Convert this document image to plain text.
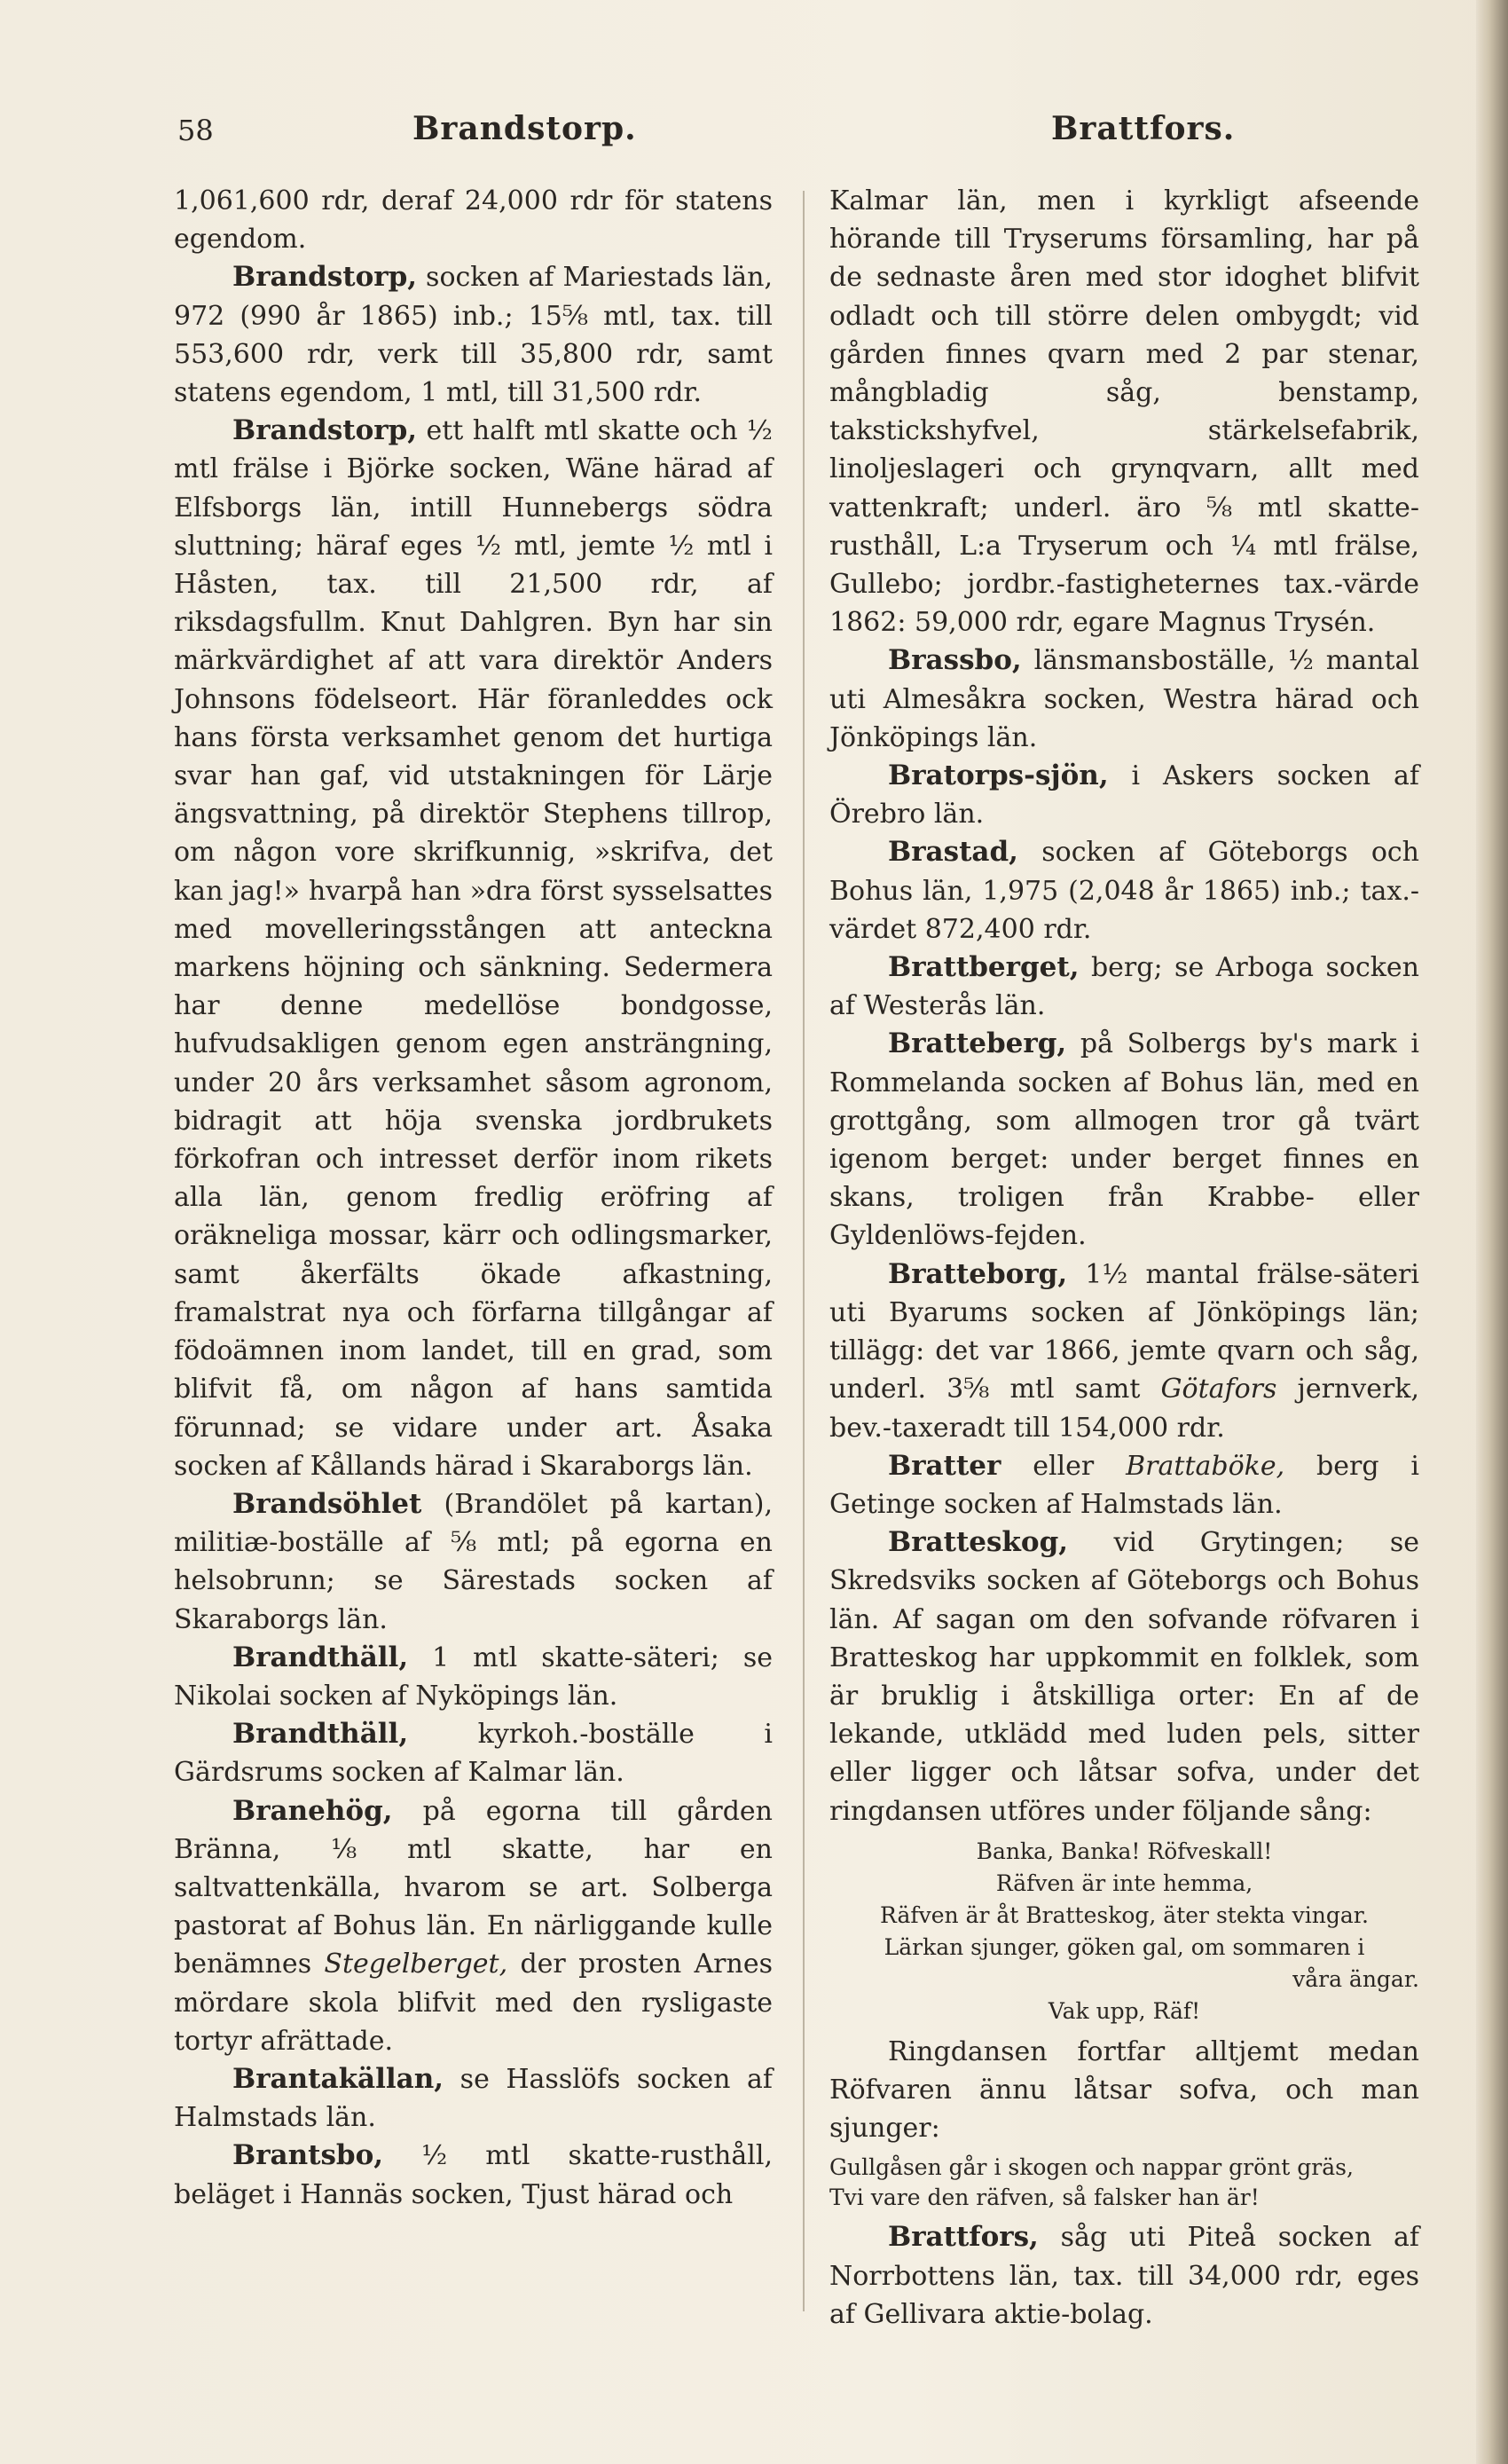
58	Brandstorp.	Brattfors.

1,061,600 rdr, deraf 24,000 rdr för statens egendom.

Brandstorp, socken af Mariestads län, 972 (990 år 1865) inb.; 15⅝ mtl, tax. till 553,600 rdr, verk till 35,800 rdr, samt statens egendom, 1 mtl, till 31,500 rdr.

Brandstorp, ett halft mtl skatte och ½ mtl frälse i Björke socken, Wäne härad af Elfsborgs län, intill Hunnebergs södra sluttning; häraf eges ½ mtl, jemte ½ mtl i Håsten, tax. till 21,500 rdr, af riksdagsfullm. Knut Dahlgren. Byn har sin märkvärdighet af att vara direktör Anders Johnsons födelseort. Här föranleddes ock hans första verksamhet genom det hurtiga svar han gaf, vid utstakningen för Lärje ängsvattning, på direktör Stephens tillrop, om någon vore skrifkunnig, »skrifva, det kan jag!» hvarpå han »dra först sysselsattes med movelleringsstången att anteckna markens höjning och sänkning. Sedermera har denne medellöse bondgosse, hufvudsakligen genom egen ansträngning, under 20 års verksamhet såsom agronom, bidragit att höja svenska jordbrukets förkofran och intresset derför inom rikets alla län, genom fredlig eröfring af oräkneliga mossar, kärr och odlingsmarker, samt åkerfälts ökade afkastning, framalstrat nya och förfarna tillgångar af födoämnen inom landet, till en grad, som blifvit få, om någon af hans samtida förunnad; se vidare under art. Åsaka socken af Kållands härad i Skaraborgs län.

Brandsöhlet (Brandölet på kartan), militiæ-boställe af ⅝ mtl; på egorna en helsobrunn; se Särestads socken af Skaraborgs län.

Brandthäll, 1 mtl skatte-säteri; se Nikolai socken af Nyköpings län.

Brandthäll, kyrkoh.-boställe i Gärdsrums socken af Kalmar län.

Branehög, på egorna till gården Bränna, ⅛ mtl skatte, har en saltvattenkälla, hvarom se art. Solberga pastorat af Bohus län. En närliggande kulle benämnes Stegelberget, der prosten Arnes mördare skola blifvit med den rysligaste tortyr afrättade.

Brantakällan, se Hasslöfs socken af Halmstads län.

Brantsbo, ½ mtl skatte-rusthåll, beläget i Hannäs socken, Tjust härad och

Kalmar län, men i kyrkligt afseende hörande till Tryserums församling, har på de sednaste åren med stor idoghet blifvit odladt och till större delen ombygdt; vid gården finnes qvarn med 2 par stenar, mångbladig såg, benstamp, takstickshyfvel, stärkelsefabrik, linoljeslageri och grynqvarn, allt med vattenkraft; underl. äro ⅝ mtl skatte-rusthåll, L:a Tryserum och ¼ mtl frälse, Gullebo; jordbr.-fastigheternes tax.-värde 1862: 59,000 rdr, egare Magnus Trysén.

Brassbo, länsmansboställe, ½ mantal uti Almesåkra socken, Westra härad och Jönköpings län.

Bratorps-sjön, i Askers socken af Örebro län.

Brastad, socken af Göteborgs och Bohus län, 1,975 (2,048 år 1865) inb.; tax.-värdet 872,400 rdr.

Brattberget, berg; se Arboga socken af Westerås län.

Bratteberg, på Solbergs by's mark i Rommelanda socken af Bohus län, med en grottgång, som allmogen tror gå tvärt igenom berget: under berget finnes en skans, troligen från Krabbe- eller Gyldenlöws-fejden.

Bratteborg, 1½ mantal frälse-säteri uti Byarums socken af Jönköpings län; tillägg: det var 1866, jemte qvarn och såg, underl. 3⅝ mtl samt Götafors jernverk, bev.-taxeradt till 154,000 rdr.

Bratter eller Brattaböke, berg i Getinge socken af Halmstads län.

Bratteskog, vid Grytingen; se Skredsviks socken af Göteborgs och Bohus län. Af sagan om den sofvande röfvaren i Bratteskog har uppkommit en folklek, som är bruklig i åtskilliga orter: En af de lekande, utklädd med luden pels, sitter eller ligger och låtsar sofva, under det ringdansen utföres under följande sång:

Banka, Banka! Röfveskall!
Räfven är inte hemma,
Räfven är åt Bratteskog, äter stekta vingar.
Lärkan sjunger, göken gal, om sommaren i
våra ängar.
Vak upp, Räf!

Ringdansen fortfar alltjemt medan Röfvaren ännu låtsar sofva, och man sjunger:

Gullgåsen går i skogen och nappar grönt gräs,
Tvi vare den räfven, så falsker han är!

Brattfors, såg uti Piteå socken af Norrbottens län, tax. till 34,000 rdr, eges af Gellivara aktie-bolag.
